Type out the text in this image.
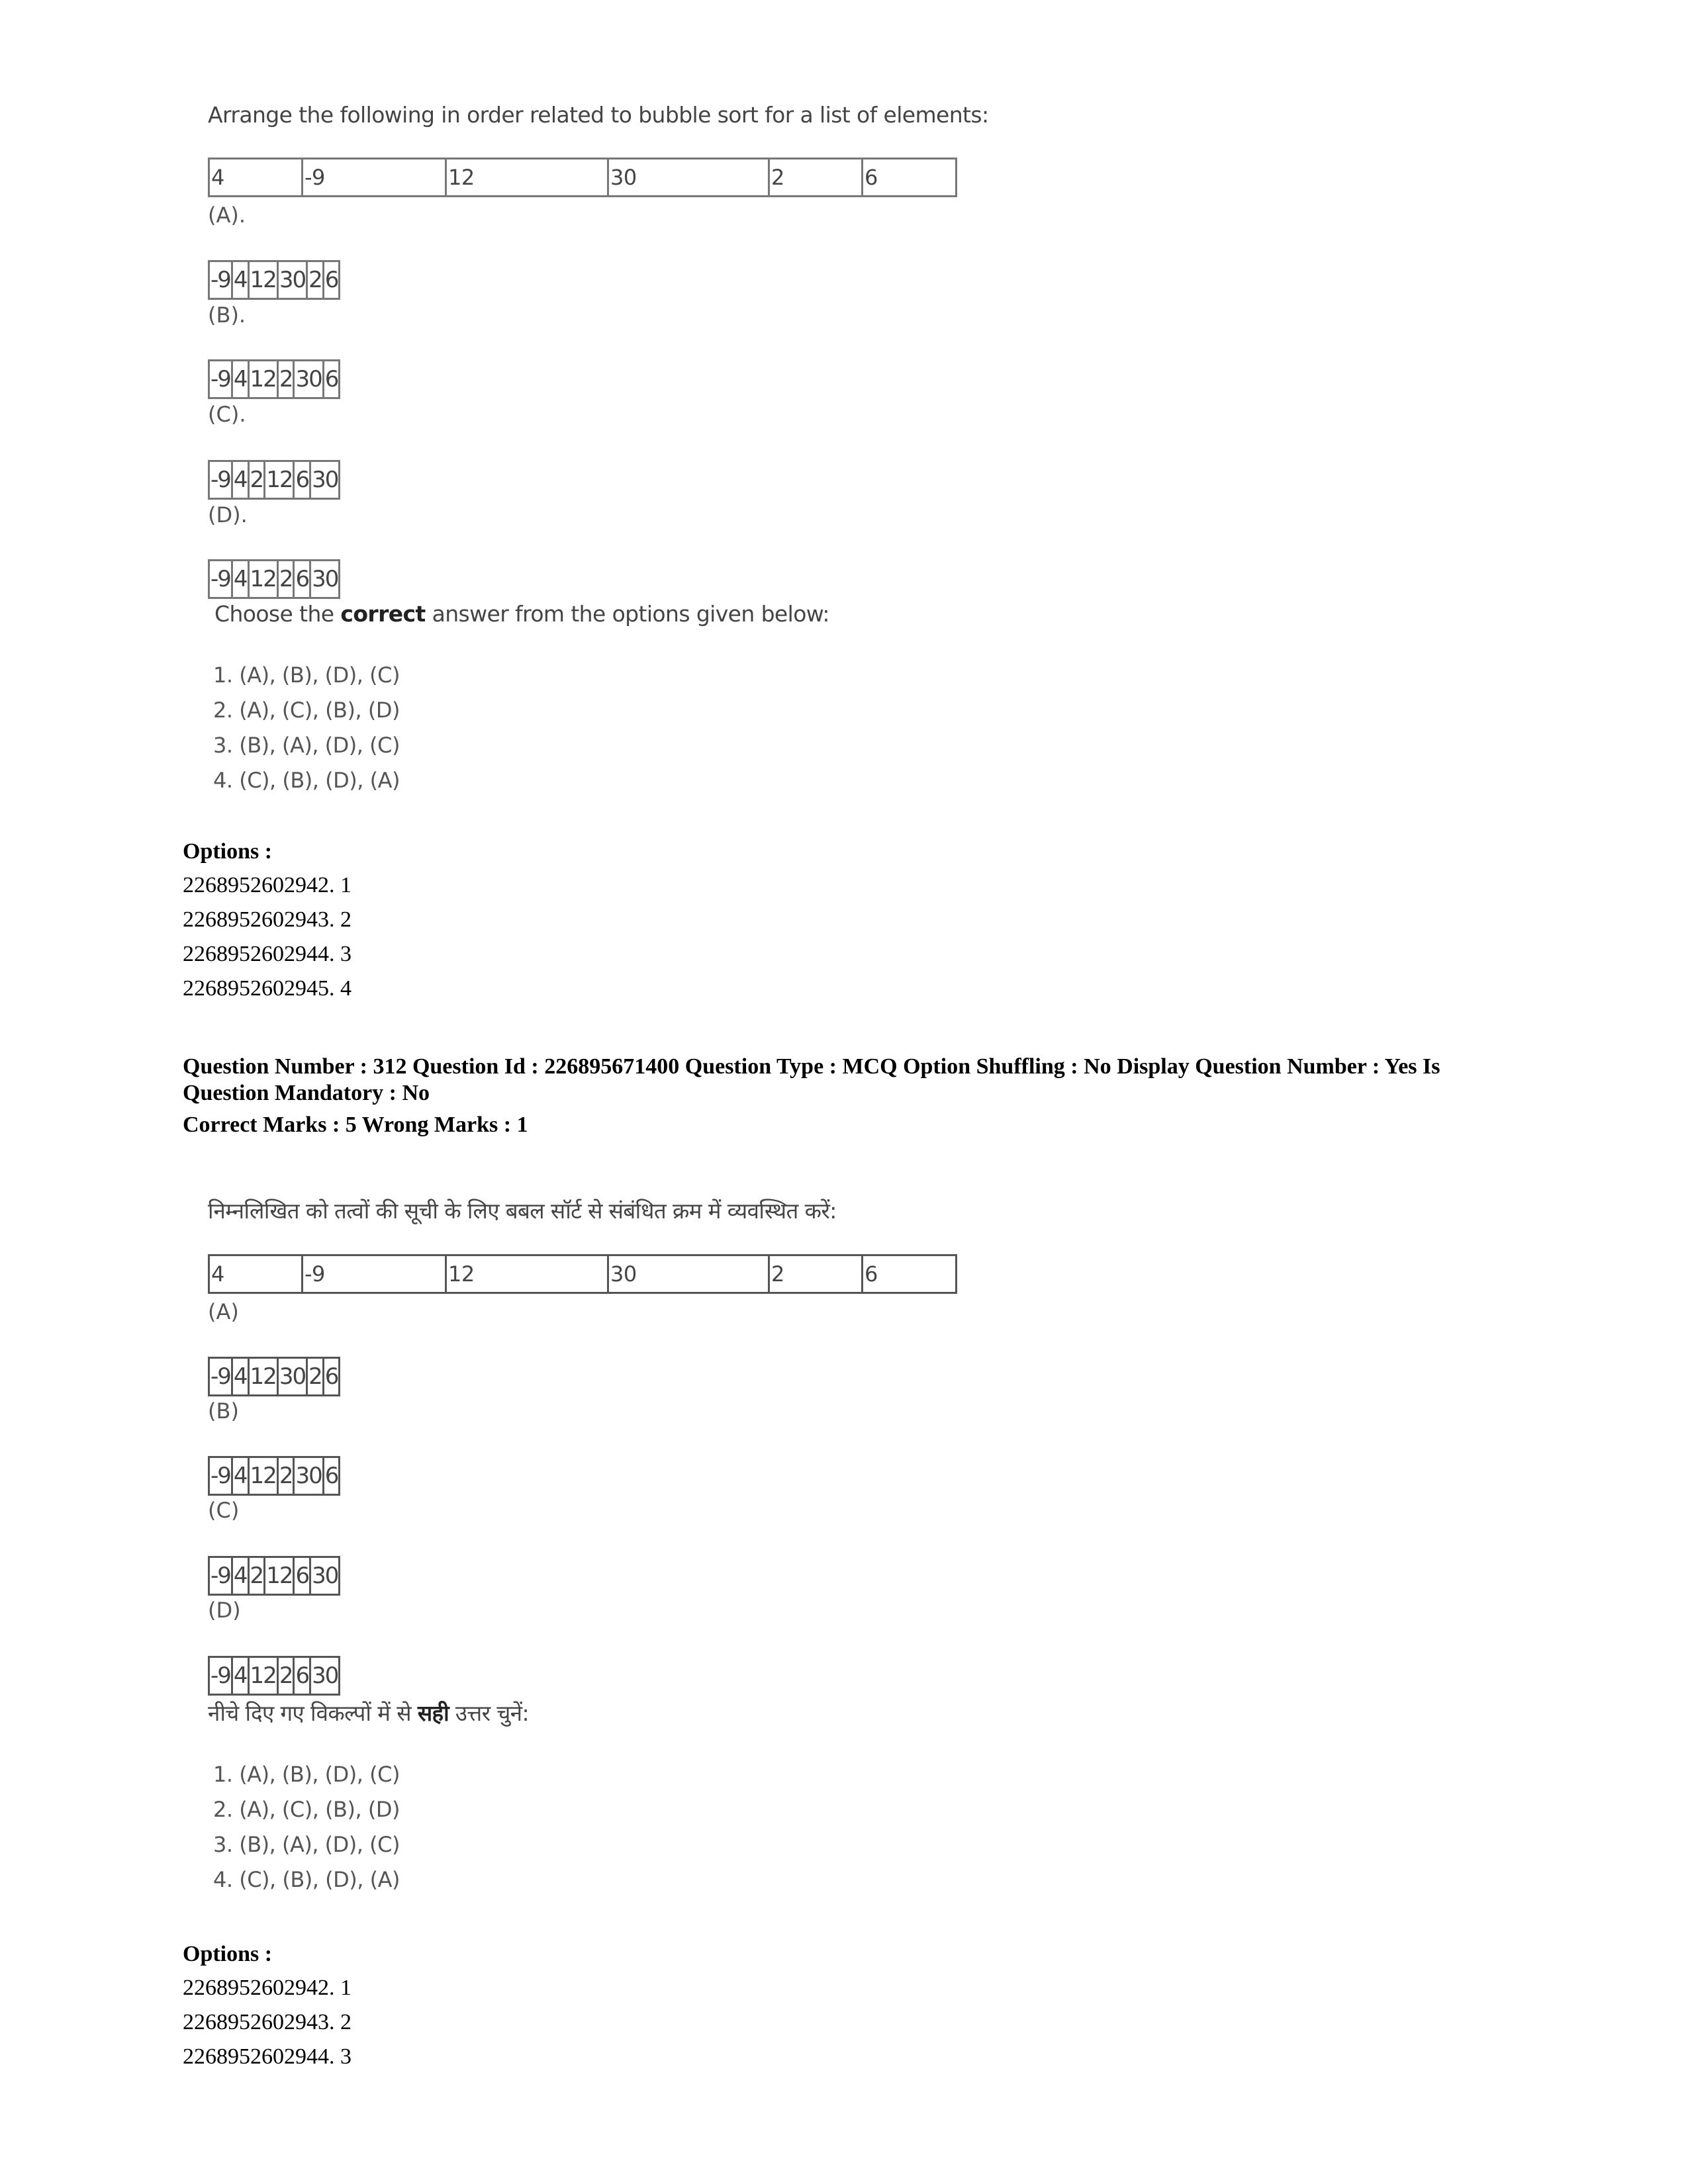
Arrange the following in order related to bubble sort for a list of elements:
4	-9	12	30	2	6
(A).
-9	4	12	30	2	6
(B).
-9	4	12	2	30	6
(C).
-9	4	2	12	6	30
(D).
-9	4	12	2	6	30
Choose the correct answer from the options given below:
1. (A), (B), (D), (C)
2. (A), (C), (B), (D)
3. (B), (A), (D), (C)
4. (C), (B), (D), (A)
Options :
2268952602942. 1
2268952602943. 2
2268952602944. 3
2268952602945. 4
Question Number : 312 Question Id : 226895671400 Question Type : MCQ Option Shuffling : No Display Question Number : Yes Is
Question Mandatory : No
Correct Marks : 5 Wrong Marks : 1
निम्नलिखित को तत्वों की सूची के लिए बबल सॉर्ट से संबंधित क्रम में व्यवस्थित करें:
4	-9	12	30	2	6
(A)
-9	4	12	30	2	6
(B)
-9	4	12	2	30	6
(C)
-9	4	2	12	6	30
(D)
-9	4	12	2	6	30
नीचे दिए गए विकल्पों में से सही उत्तर चुनें:
1. (A), (B), (D), (C)
2. (A), (C), (B), (D)
3. (B), (A), (D), (C)
4. (C), (B), (D), (A)
Options :
2268952602942. 1
2268952602943. 2
2268952602944. 3
